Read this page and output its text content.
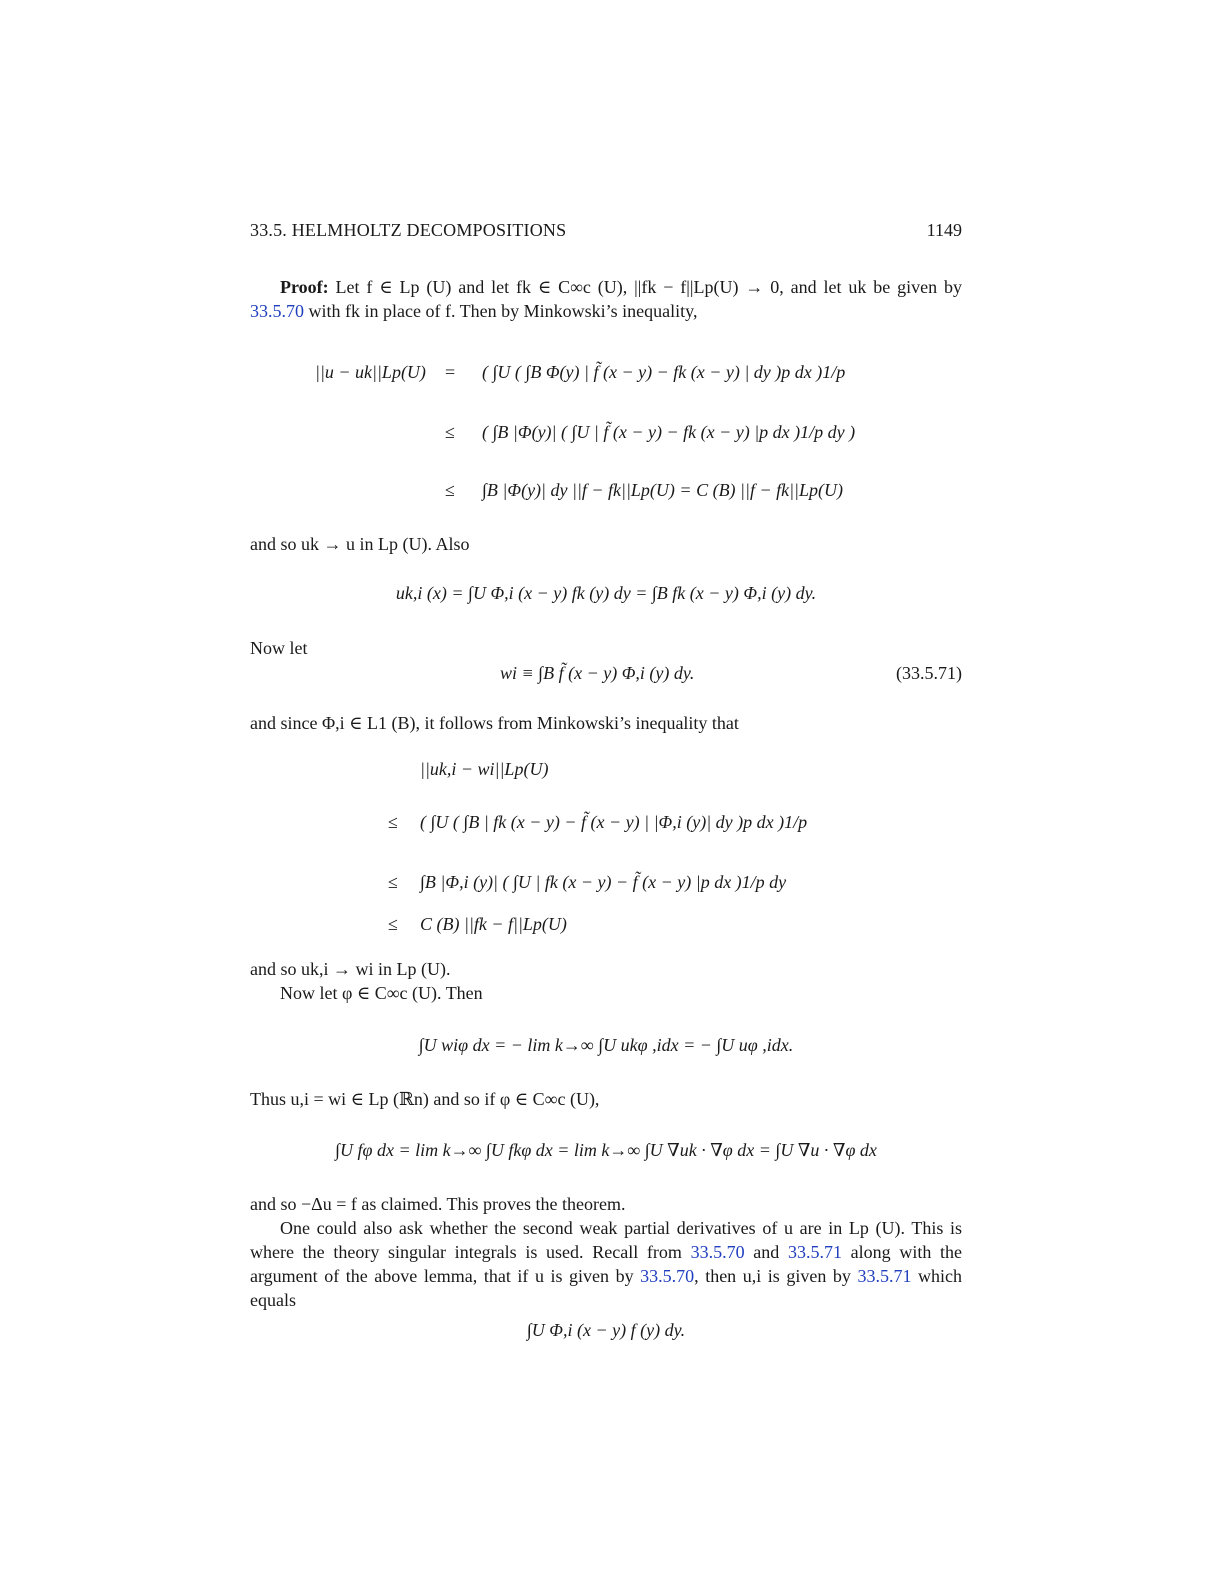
33.5. HELMHOLTZ DECOMPOSITIONS	1149
Proof: Let f ∈ Lp (U) and let fk ∈ C∞c (U), ||fk − f||Lp(U) → 0, and let uk be given by 33.5.70 with fk in place of f. Then by Minkowski’s inequality,
||u − uk||Lp(U) =
≤
≤
( ∫U ( ∫B Φ(y) | f̃ (x − y) − fk (x − y) | dy )p dx )1/p
( ∫B |Φ(y)| ( ∫U | f̃ (x − y) − fk (x − y) |p dx )1/p dy )
∫B |Φ(y)| dy ||f − fk||Lp(U) = C (B) ||f − fk||Lp(U)
and so uk → u in Lp (U). Also
uk,i (x) = ∫U Φ,i (x − y) fk (y) dy = ∫B fk (x − y) Φ,i (y) dy.
Now let
wi ≡ ∫B f̃ (x − y) Φ,i (y) dy.	(33.5.71)
and since Φ,i ∈ L1 (B), it follows from Minkowski’s inequality that
||uk,i − wi||Lp(U)
≤
≤
≤
( ∫U ( ∫B | fk (x − y) − f̃ (x − y) | |Φ,i (y)| dy )p dx )1/p
∫B |Φ,i (y)| ( ∫U | fk (x − y) − f̃ (x − y) |p dx )1/p dy
C (B) ||fk − f||Lp(U)
and so uk,i → wi in Lp (U).
Now let φ ∈ C∞c (U). Then
∫U wiφ dx = − lim k→∞ ∫U ukφ ,idx = − ∫U uφ ,idx.
Thus u,i = wi ∈ Lp (ℝn) and so if φ ∈ C∞c (U),
∫U fφ dx = lim k→∞ ∫U fkφ dx = lim k→∞ ∫U ∇uk · ∇φ dx = ∫U ∇u · ∇φ dx
and so −Δu = f as claimed. This proves the theorem.
One could also ask whether the second weak partial derivatives of u are in Lp (U). This is where the theory singular integrals is used. Recall from 33.5.70 and 33.5.71 along with the argument of the above lemma, that if u is given by 33.5.70, then u,i is given by 33.5.71 which equals
∫U Φ,i (x − y) f (y) dy.
